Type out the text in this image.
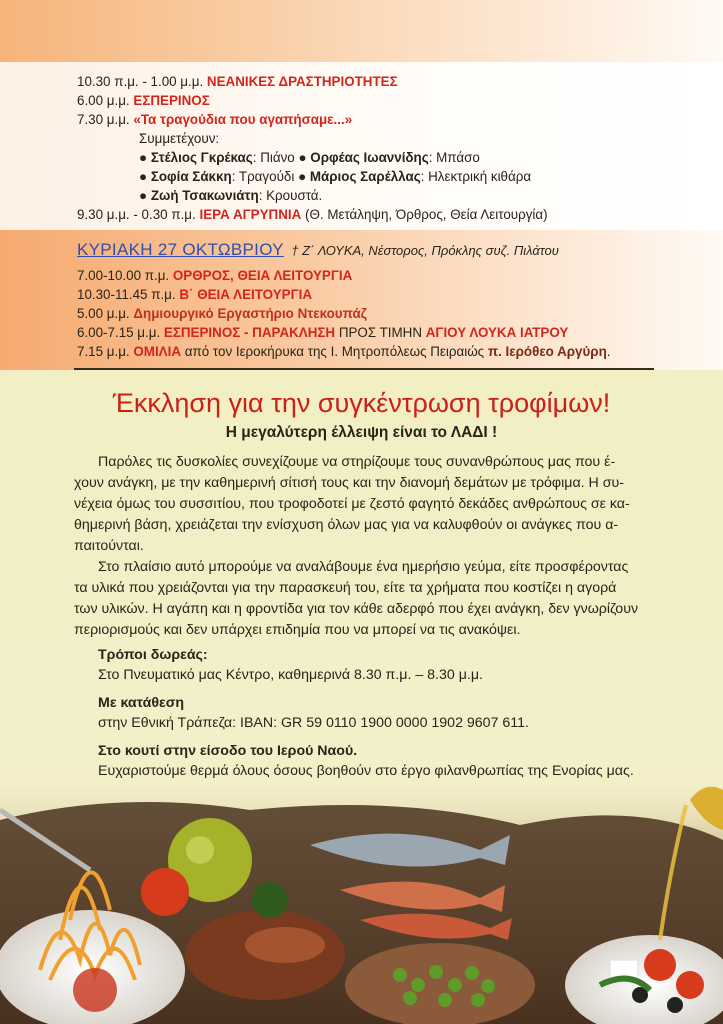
10.30 π.μ. - 1.00 μ.μ. ΝΕΑΝΙΚΕΣ ΔΡΑΣΤΗΡΙΟΤΗΤΕΣ
6.00 μ.μ. ΕΣΠΕΡΙΝΟΣ
7.30 μ.μ. «Τα τραγούδια που αγαπήσαμε...»
Συμμετέχουν:
● Στέλιος Γκρέκας: Πιάνο ● Ορφέας Ιωαννίδης: Μπάσο
● Σοφία Σάκκη: Τραγούδι ● Μάριος Σαρέλλας: Ηλεκτρική κιθάρα
● Ζωή Τσακωνιάτη: Κρουστά.
9.30 μ.μ. - 0.30 π.μ. ΙΕΡΑ ΑΓΡΥΠΝΙΑ (Θ. Μετάληψη, Όρθρος, Θεία Λειτουργία)
ΚΥΡΙΑΚΗ 27 ΟΚΤΩΒΡΙΟΥ † Ζ΄ ΛΟΥΚΑ, Νέστορος, Πρόκλης συζ. Πιλάτου
7.00-10.00 π.μ. ΟΡΘΡΟΣ, ΘΕΙΑ ΛΕΙΤΟΥΡΓΙΑ
10.30-11.45 π.μ. Β΄ ΘΕΙΑ ΛΕΙΤΟΥΡΓΙΑ
5.00 μ.μ. Δημιουργικό Εργαστήριο Ντεκουπάζ
6.00-7.15 μ.μ. ΕΣΠΕΡΙΝΟΣ - ΠΑΡΑΚΛΗΣΗ ΠΡΟΣ ΤΙΜΗΝ ΑΓΙΟΥ ΛΟΥΚΑ ΙΑΤΡΟΥ
7.15 μ.μ. ΟΜΙΛΙΑ από τον Ιεροκήρυκα της Ι. Μητροπόλεως Πειραιώς π. Ιερόθεο Αργύρη.
Έκκληση για την συγκέντρωση τροφίμων!
Η μεγαλύτερη έλλειψη είναι το ΛΑΔΙ !
Παρόλες τις δυσκολίες συνεχίζουμε να στηρίζουμε τους συνανθρώπους μας που έ-
χουν ανάγκη, με την καθημερινή σίτισή τους και την διανομή δεμάτων με τρόφιμα. Η συ-
νέχεια όμως του συσσιτίου, που τροφοδοτεί με ζεστό φαγητό δεκάδες ανθρώπους σε κα-
θημερινή βάση, χρειάζεται την ενίσχυση όλων μας για να καλυφθούν οι ανάγκες που α-
παιτούνται.
Στο πλαίσιο αυτό μπορούμε να αναλάβουμε ένα ημερήσιο γεύμα, είτε προσφέροντας
τα υλικά που χρειάζονται για την παρασκευή του, είτε τα χρήματα που κοστίζει η αγορά
των υλικών. Η αγάπη και η φροντίδα για τον κάθε αδερφό που έχει ανάγκη, δεν γνωρίζουν
περιορισμούς και δεν υπάρχει επιδημία που να μπορεί να τις ανακόψει.
Τρόποι δωρεάς:
Στο Πνευματικό μας Κέντρο, καθημερινά 8.30 π.μ. – 8.30 μ.μ.
Με κατάθεση
στην Εθνική Τράπεζα: IBAN: GR 59 0110 1900 0000 1902 9607 611.
Στο κουτί στην είσοδο του Ιερού Ναού.
Ευχαριστούμε θερμά όλους όσους βοηθούν στο έργο φιλανθρωπίας της Ενορίας μας.
